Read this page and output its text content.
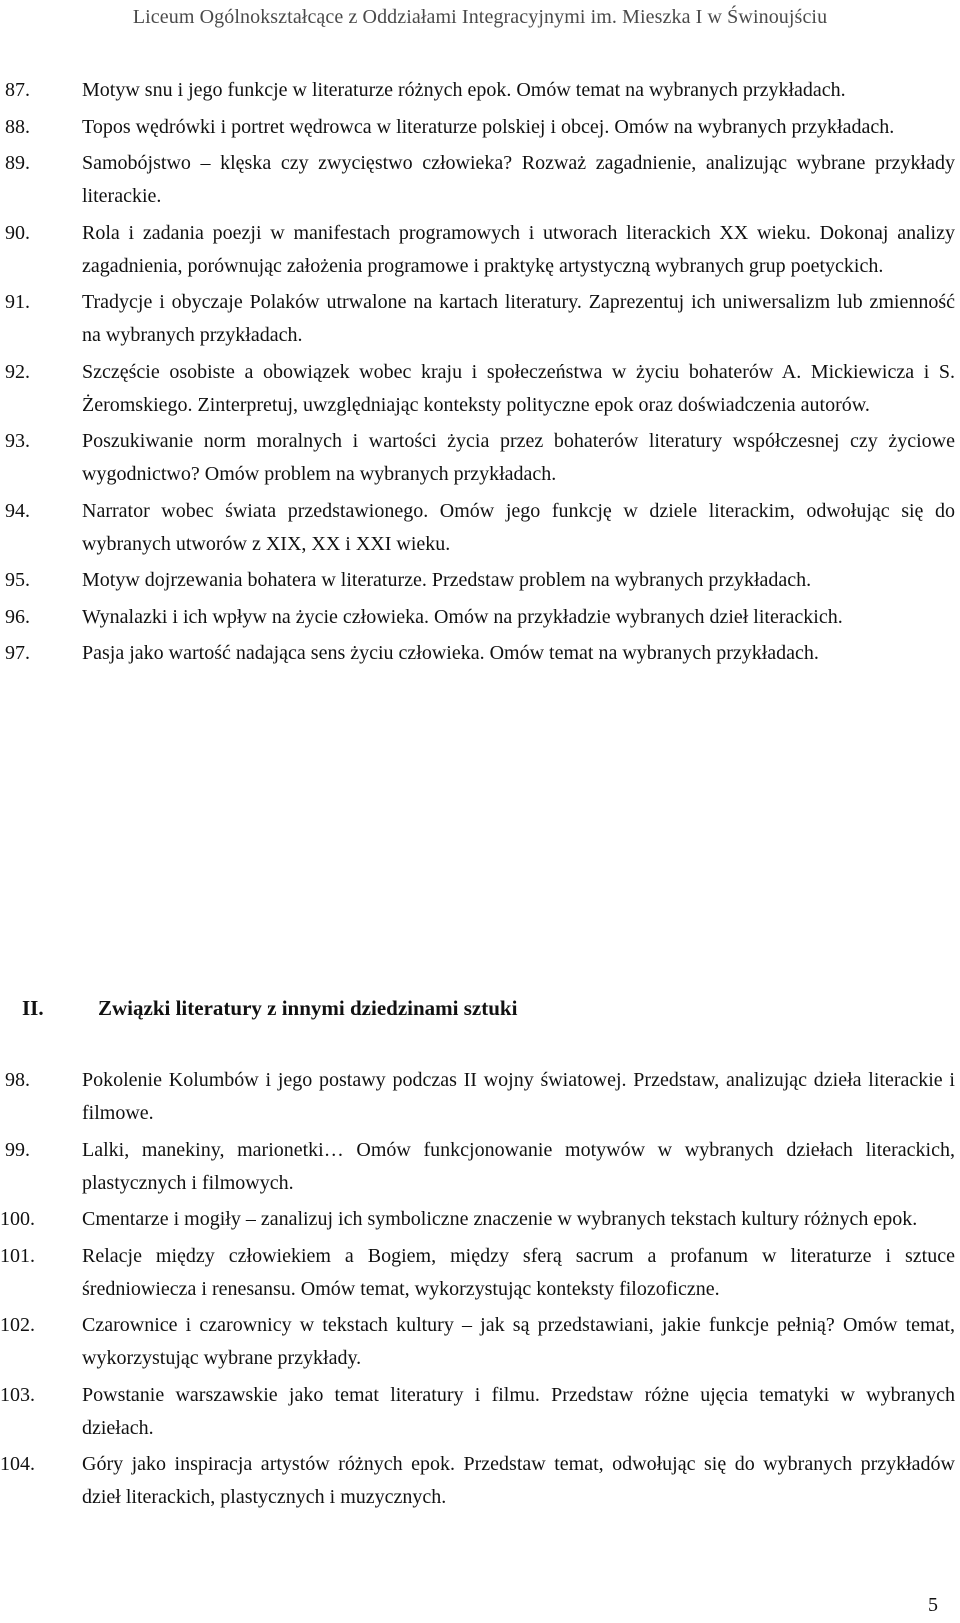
Liceum Ogólnokształcące z Oddziałami Integracyjnymi im. Mieszka I w Świnoujściu
87.	Motyw snu i jego funkcje w literaturze różnych epok. Omów temat na wybranych przykładach.
88.	Topos wędrówki i portret wędrowca w literaturze polskiej i obcej. Omów na wybranych przykładach.
89.	Samobójstwo – klęska czy zwycięstwo człowieka? Rozważ zagadnienie, analizując wybrane przykłady literackie.
90.	Rola i zadania poezji w manifestach programowych i utworach literackich XX wieku. Dokonaj analizy zagadnienia, porównując założenia programowe i praktykę artystyczną wybranych grup poetyckich.
91.	Tradycje i obyczaje Polaków utrwalone na kartach literatury. Zaprezentuj ich uniwersalizm lub zmienność na wybranych przykładach.
92.	Szczęście osobiste a obowiązek wobec kraju i społeczeństwa w życiu bohaterów A. Mickiewicza i S. Żeromskiego. Zinterpretuj, uwzględniając konteksty polityczne epok oraz doświadczenia autorów.
93.	Poszukiwanie norm moralnych i wartości życia przez bohaterów literatury współczesnej czy życiowe wygodnictwo? Omów problem na wybranych przykładach.
94.	Narrator wobec świata przedstawionego. Omów jego funkcję w dziele literackim, odwołując się do wybranych utworów z XIX, XX i XXI wieku.
95.	Motyw dojrzewania bohatera w literaturze. Przedstaw problem na wybranych przykładach.
96.	Wynalazki i ich wpływ na życie człowieka. Omów na przykładzie wybranych dzieł literackich.
97.	Pasja jako wartość nadająca sens życiu człowieka. Omów temat na wybranych przykładach.
II.	Związki literatury z innymi dziedzinami sztuki
98.	Pokolenie Kolumbów i jego postawy podczas II wojny światowej. Przedstaw, analizując dzieła literackie i filmowe.
99.	Lalki, manekiny, marionetki… Omów funkcjonowanie motywów w wybranych dziełach literackich, plastycznych i filmowych.
100.	Cmentarze i mogiły – zanalizuj ich symboliczne znaczenie w wybranych tekstach kultury różnych epok.
101.	Relacje między człowiekiem a Bogiem, między sferą sacrum a profanum w literaturze i sztuce średniowiecza i renesansu. Omów temat, wykorzystując konteksty filozoficzne.
102.	Czarownice i czarownicy w tekstach kultury – jak są przedstawiani, jakie funkcje pełnią? Omów temat, wykorzystując wybrane przykłady.
103.	Powstanie warszawskie jako temat literatury i filmu. Przedstaw różne ujęcia tematyki w wybranych dziełach.
104.	Góry jako inspiracja artystów różnych epok. Przedstaw temat, odwołując się do wybranych przykładów dzieł literackich, plastycznych i muzycznych.
5
